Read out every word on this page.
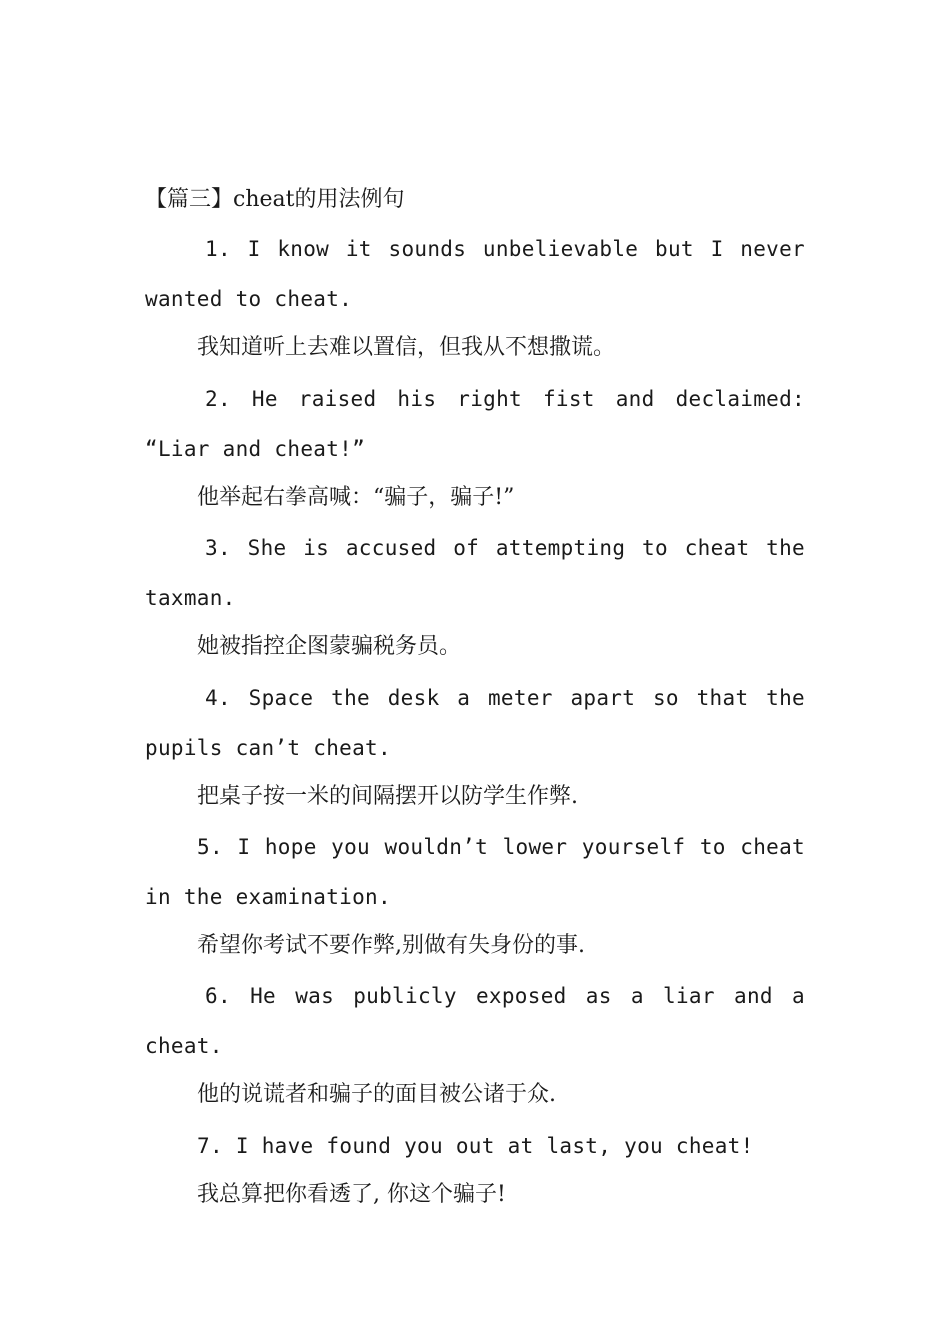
【篇三】cheat的用法例句
1. I know it sounds unbelievable but I never
wanted to cheat.
我知道听上去难以置信，但我从不想撒谎。
2. He raised his right fist and declaimed:
“Liar and cheat!”
他举起右拳高喊：“骗子，骗子!”
3. She is accused of attempting to cheat the
taxman.
她被指控企图蒙骗税务员。
4. Space the desk a meter apart so that the
pupils can’t cheat.
把桌子按一米的间隔摆开以防学生作弊.
5. I hope you wouldn’t lower yourself to cheat
in the examination.
希望你考试不要作弊,别做有失身份的事.
6. He was publicly exposed as a liar and a
cheat.
他的说谎者和骗子的面目被公诸于众.
7. I have found you out at last, you cheat!
我总算把你看透了, 你这个骗子!
